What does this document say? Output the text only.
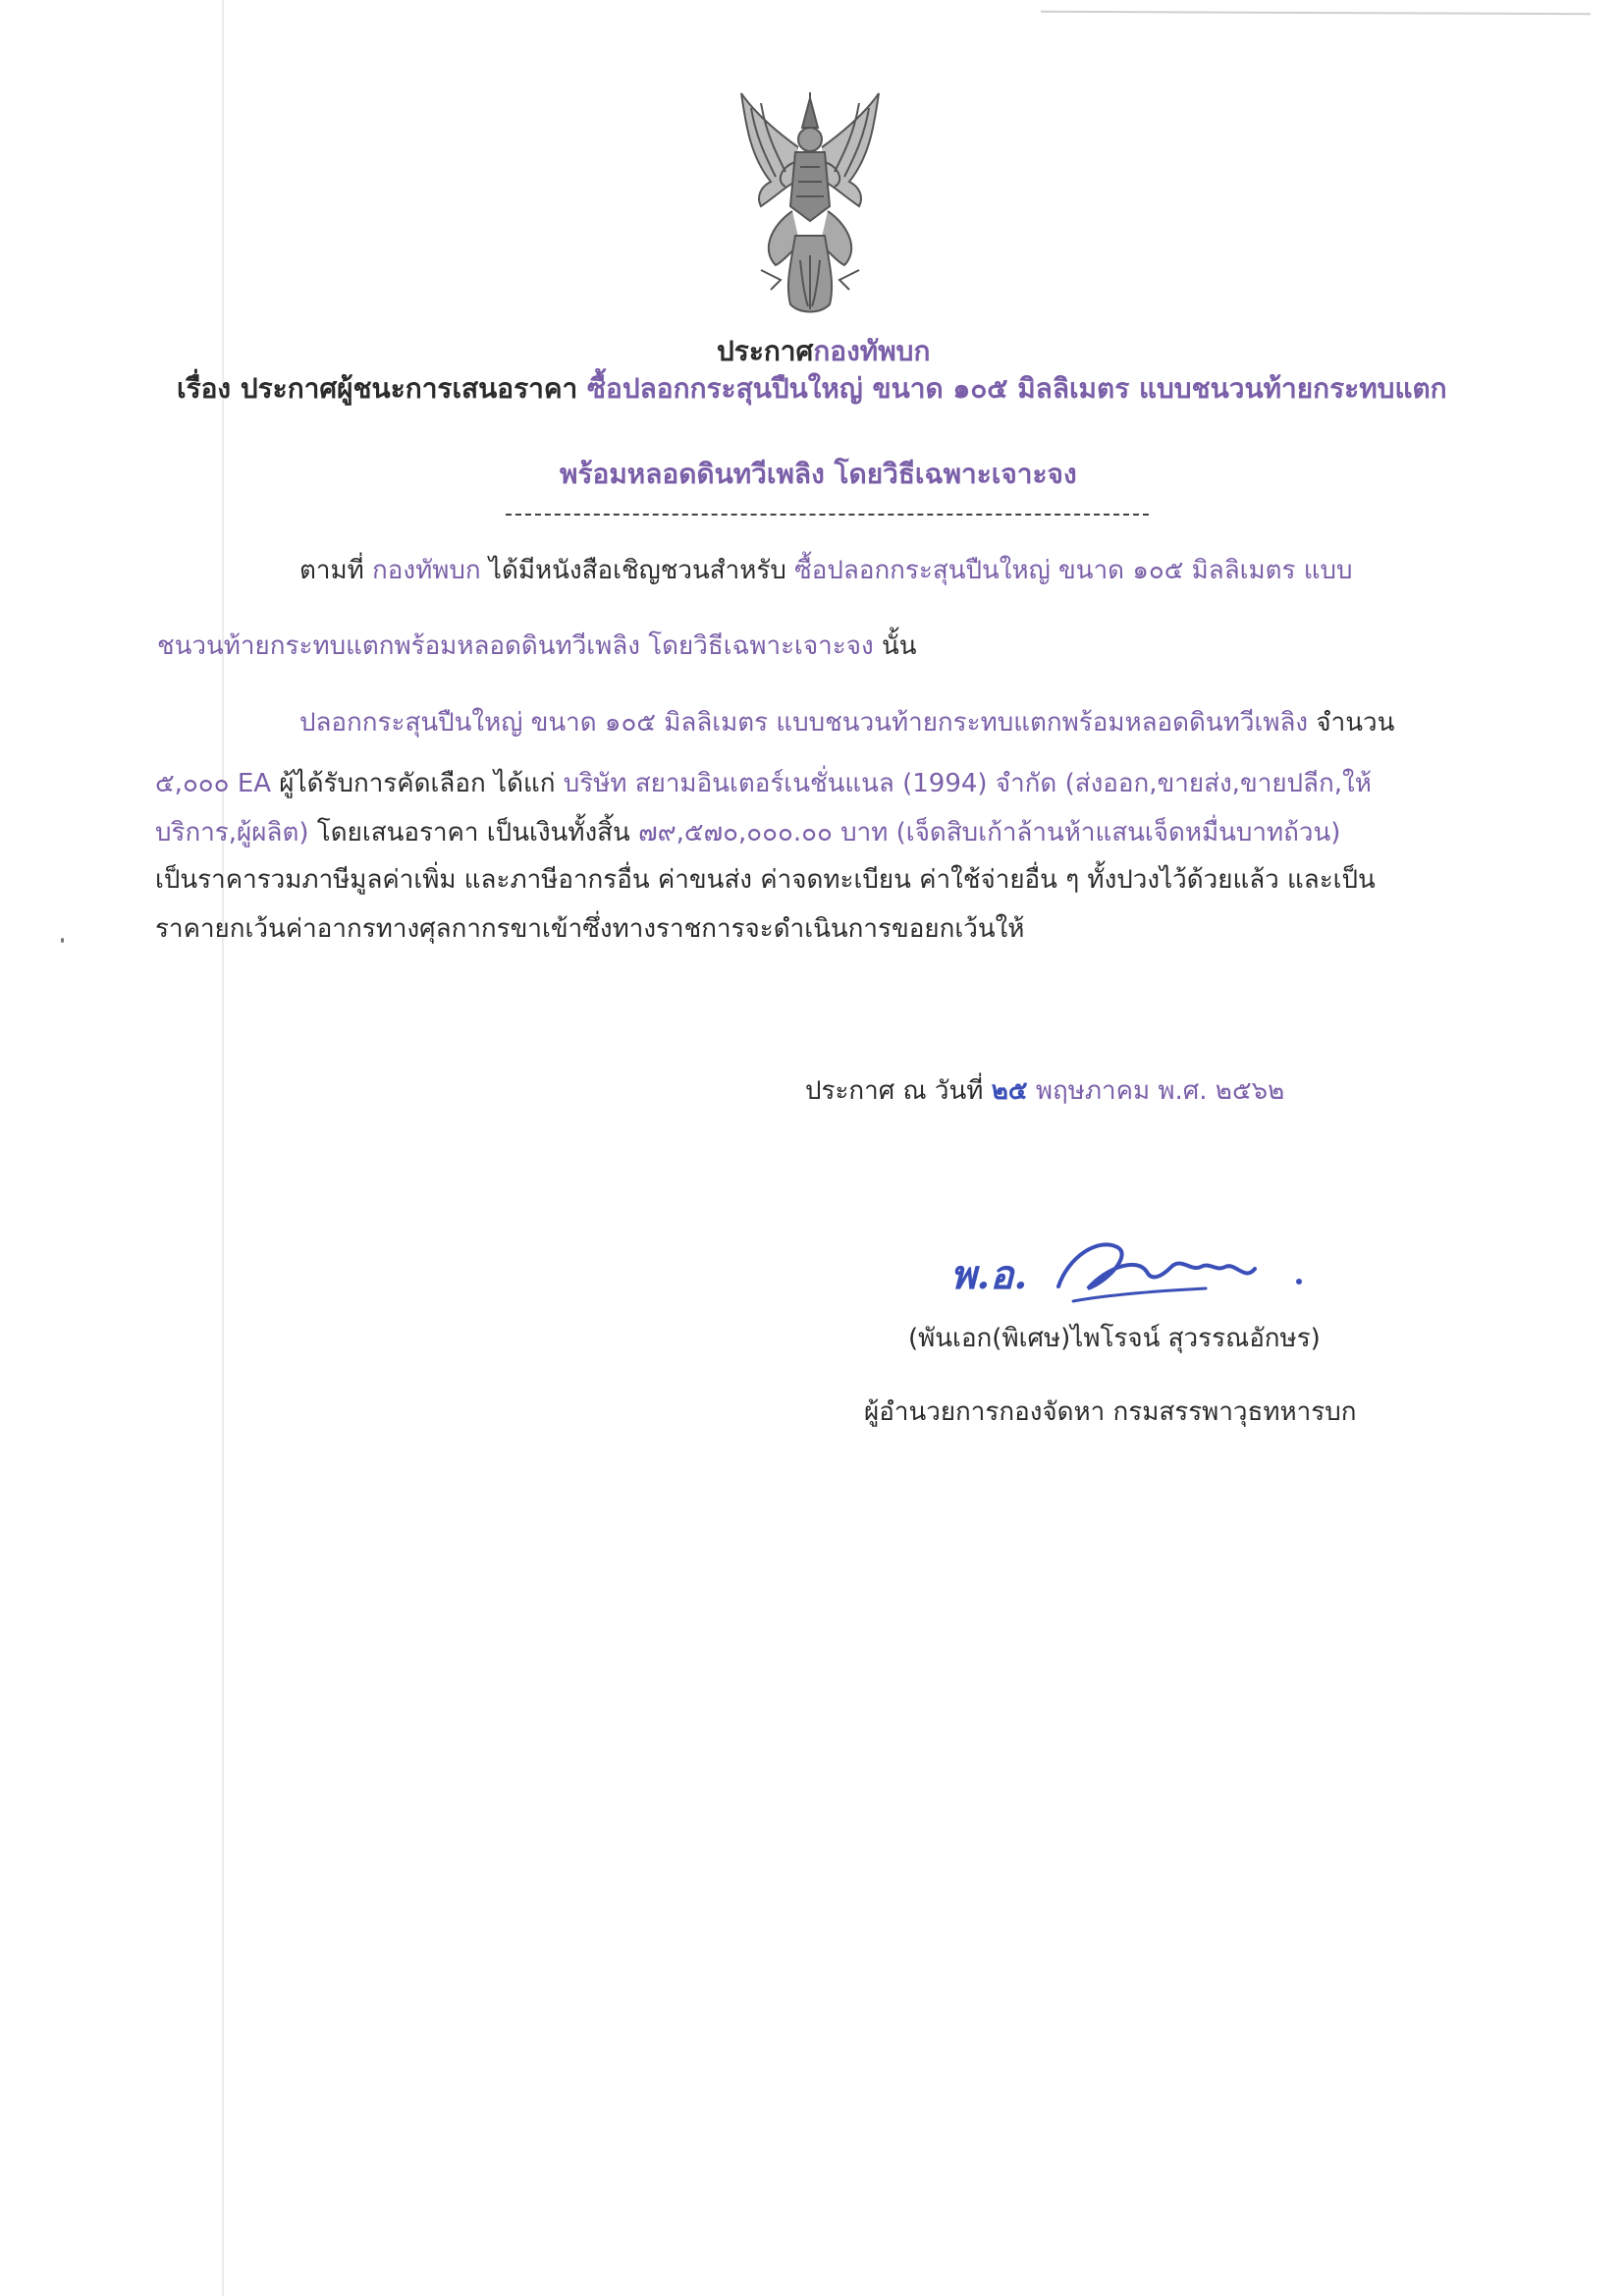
ประกาศกองทัพบก
เรื่อง ประกาศผู้ชนะการเสนอราคา ซื้อปลอกกระสุนปืนใหญ่ ขนาด ๑๐๕ มิลลิเมตร แบบชนวนท้ายกระทบแตก
พร้อมหลอดดินทวีเพลิง โดยวิธีเฉพาะเจาะจง
ตามที่ กองทัพบก ได้มีหนังสือเชิญชวนสำหรับ ซื้อปลอกกระสุนปืนใหญ่ ขนาด ๑๐๕ มิลลิเมตร แบบ
ชนวนท้ายกระทบแตกพร้อมหลอดดินทวีเพลิง โดยวิธีเฉพาะเจาะจง นั้น
ปลอกกระสุนปืนใหญ่ ขนาด ๑๐๕ มิลลิเมตร แบบชนวนท้ายกระทบแตกพร้อมหลอดดินทวีเพลิง จำนวน
๕,๐๐๐ EA ผู้ได้รับการคัดเลือก ได้แก่ บริษัท สยามอินเตอร์เนชั่นแนล (1994) จำกัด (ส่งออก,ขายส่ง,ขายปลีก,ให้
บริการ,ผู้ผลิต) โดยเสนอราคา เป็นเงินทั้งสิ้น ๗๙,๕๗๐,๐๐๐.๐๐ บาท (เจ็ดสิบเก้าล้านห้าแสนเจ็ดหมื่นบาทถ้วน)
เป็นราคารวมภาษีมูลค่าเพิ่ม และภาษีอากรอื่น ค่าขนส่ง ค่าจดทะเบียน ค่าใช้จ่ายอื่น ๆ ทั้งปวงไว้ด้วยแล้ว และเป็น
ราคายกเว้นค่าอากรทางศุลกากรขาเข้าซึ่งทางราชการจะดำเนินการขอยกเว้นให้
ประกาศ ณ วันที่ ๒๕ พฤษภาคม พ.ศ. ๒๕๖๒
พ.อ.
(พันเอก(พิเศษ)ไพโรจน์ สุวรรณอักษร)
ผู้อำนวยการกองจัดหา กรมสรรพาวุธทหารบก
